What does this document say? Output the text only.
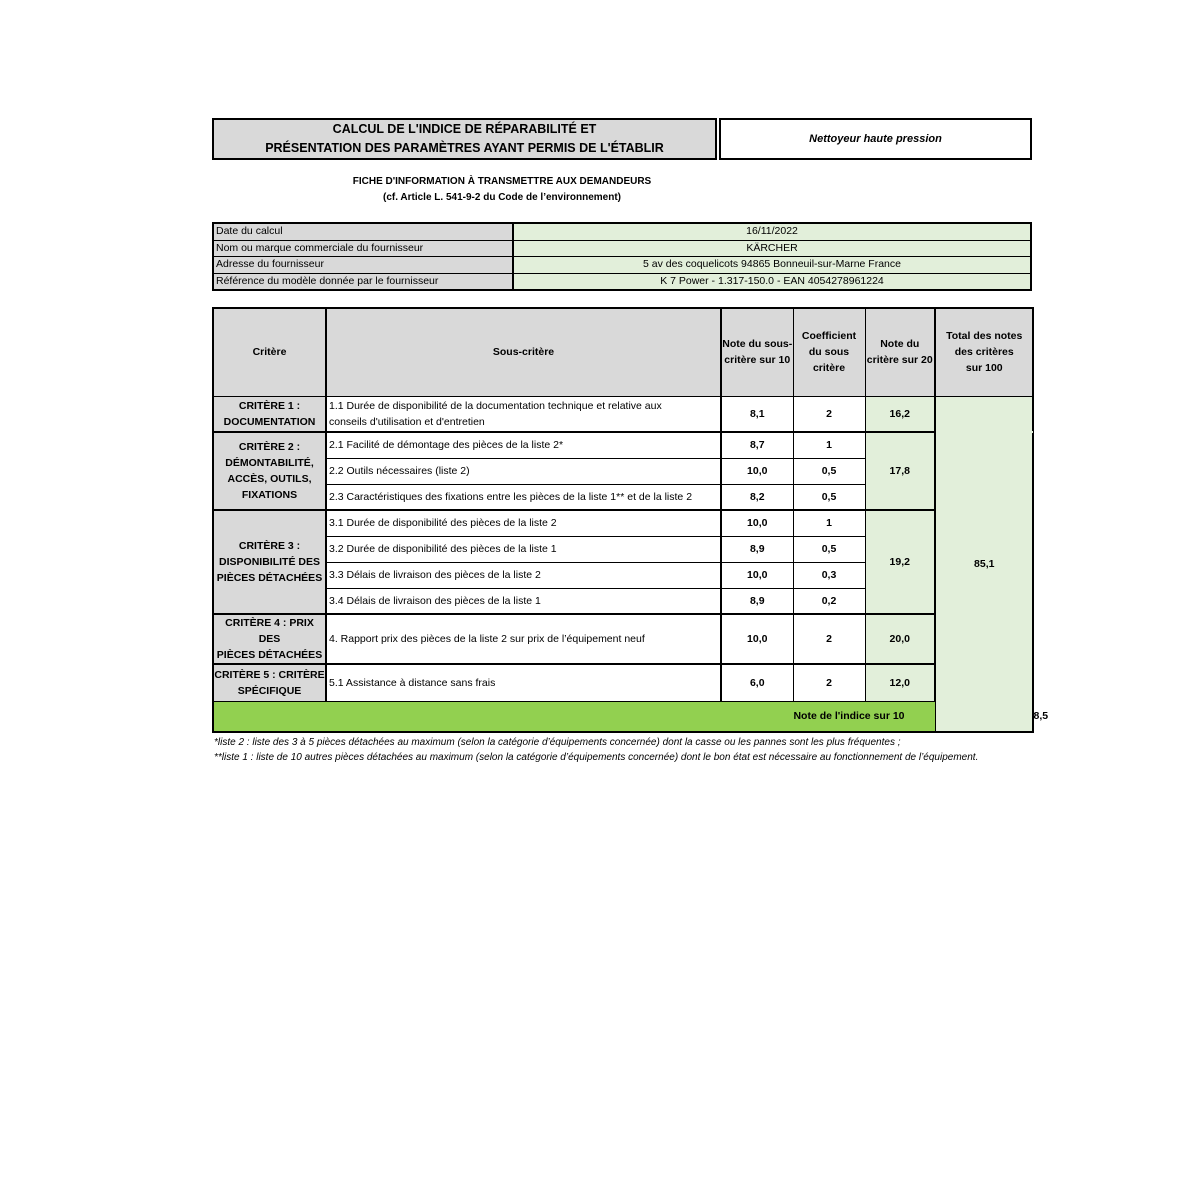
CALCUL DE L'INDICE DE RÉPARABILITÉ ET
PRÉSENTATION DES PARAMÈTRES AYANT PERMIS DE L'ÉTABLIR
Nettoyeur haute pression
FICHE D'INFORMATION À TRANSMETTRE AUX DEMANDEURS
(cf. Article L. 541-9-2 du Code de l’environnement)
Date du calcul	16/11/2022
Nom ou marque commerciale du fournisseur	KÄRCHER
Adresse du fournisseur	5 av des coquelicots 94865 Bonneuil-sur-Marne France
Référence du modèle donnée par le fournisseur	K 7 Power - 1.317-150.0 - EAN 4054278961224
Critère	Sous-critère	Note du sous-
critère sur 10	Coefficient
du sous
critère	Note du
critère sur 20	Total des notes
des critères
sur 100	
CRITÈRE 1 :
DOCUMENTATION	1.1 Durée de disponibilité de la documentation technique et relative aux
conseils d'utilisation et d'entretien	8,1	2	16,2	85,1	
CRITÈRE 2 :
DÉMONTABILITÉ,
ACCÈS, OUTILS,
FIXATIONS	2.1 Facilité de démontage des pièces de la liste 2*	8,7	1	17,8		
	2.2 Outils nécessaires (liste 2)	10,0	0,5			
	2.3 Caractéristiques des fixations entre les pièces de la liste 1** et de la liste 2	8,2	0,5			
CRITÈRE 3 :
DISPONIBILITÉ DES
PIÈCES DÉTACHÉES	3.1 Durée de disponibilité des pièces de la liste 2	10,0	1	19,2		
	3.2 Durée de disponibilité des pièces de la liste 1	8,9	0,5			
	3.3 Délais de livraison des pièces de la liste 2	10,0	0,3			
	3.4 Délais de livraison des pièces de la liste 1	8,9	0,2			
CRITÈRE 4 : PRIX DES
PIÈCES DÉTACHÉES	4. Rapport prix des pièces de la liste 2 sur prix de l’équipement neuf	10,0	2	20,0		
CRITÈRE 5 : CRITÈRE
SPÉCIFIQUE	5.1 Assistance à distance sans frais	6,0	2	12,0		
Note de l'indice sur 10						8,5
*liste 2 : liste des 3 à 5 pièces détachées au maximum (selon la catégorie d’équipements concernée) dont la casse ou les pannes sont les plus fréquentes ;
**liste 1 : liste de 10 autres pièces détachées au maximum (selon la catégorie d’équipements concernée) dont le bon état est nécessaire au fonctionnement de l’équipement.
